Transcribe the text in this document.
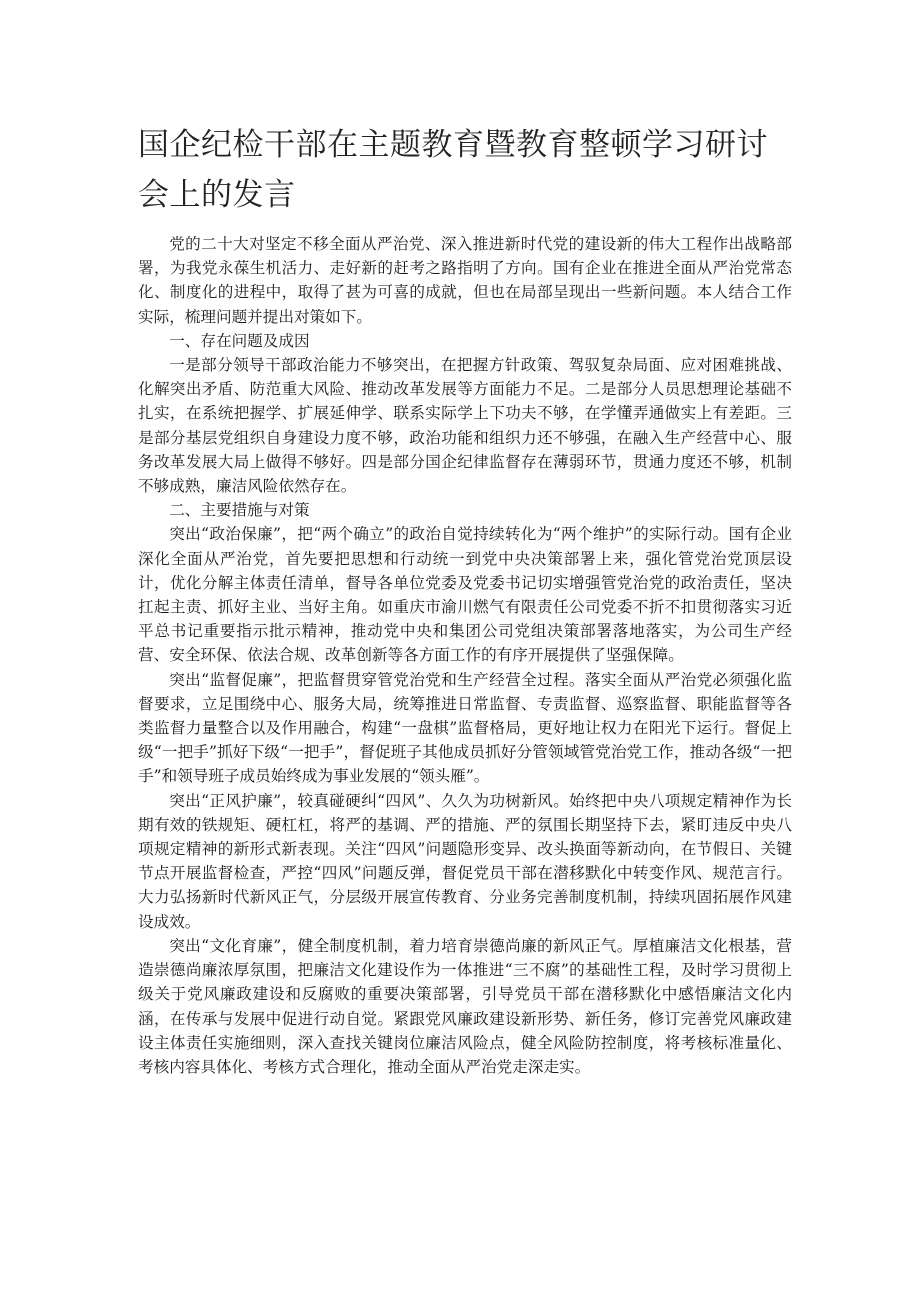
国企纪检干部在主题教育暨教育整顿学习研讨会上的发言

党的二十大对坚定不移全面从严治党、深入推进新时代党的建设新的伟大工程作出战略部署，为我党永葆生机活力、走好新的赶考之路指明了方向。国有企业在推进全面从严治党常态化、制度化的进程中，取得了甚为可喜的成就，但也在局部呈现出一些新问题。本人结合工作实际，梳理问题并提出对策如下。

一、存在问题及成因

一是部分领导干部政治能力不够突出，在把握方针政策、驾驭复杂局面、应对困难挑战、化解突出矛盾、防范重大风险、推动改革发展等方面能力不足。二是部分人员思想理论基础不扎实，在系统把握学、扩展延伸学、联系实际学上下功夫不够，在学懂弄通做实上有差距。三是部分基层党组织自身建设力度不够，政治功能和组织力还不够强，在融入生产经营中心、服务改革发展大局上做得不够好。四是部分国企纪律监督存在薄弱环节，贯通力度还不够，机制不够成熟，廉洁风险依然存在。

二、主要措施与对策

突出“政治保廉”，把“两个确立”的政治自觉持续转化为“两个维护”的实际行动。国有企业深化全面从严治党，首先要把思想和行动统一到党中央决策部署上来，强化管党治党顶层设计，优化分解主体责任清单，督导各单位党委及党委书记切实增强管党治党的政治责任，坚决扛起主责、抓好主业、当好主角。如重庆市渝川燃气有限责任公司党委不折不扣贯彻落实习近平总书记重要指示批示精神，推动党中央和集团公司党组决策部署落地落实，为公司生产经营、安全环保、依法合规、改革创新等各方面工作的有序开展提供了坚强保障。

突出“监督促廉”，把监督贯穿管党治党和生产经营全过程。落实全面从严治党必须强化监督要求，立足围绕中心、服务大局，统筹推进日常监督、专责监督、巡察监督、职能监督等各类监督力量整合以及作用融合，构建“一盘棋”监督格局，更好地让权力在阳光下运行。督促上级“一把手”抓好下级“一把手”，督促班子其他成员抓好分管领域管党治党工作，推动各级“一把手”和领导班子成员始终成为事业发展的“领头雁”。

突出“正风护廉”，较真碰硬纠“四风”、久久为功树新风。始终把中央八项规定精神作为长期有效的铁规矩、硬杠杠，将严的基调、严的措施、严的氛围长期坚持下去，紧盯违反中央八项规定精神的新形式新表现。关注“四风”问题隐形变异、改头换面等新动向，在节假日、关键节点开展监督检查，严控“四风”问题反弹，督促党员干部在潜移默化中转变作风、规范言行。大力弘扬新时代新风正气，分层级开展宣传教育、分业务完善制度机制，持续巩固拓展作风建设成效。

突出“文化育廉”，健全制度机制，着力培育崇德尚廉的新风正气。厚植廉洁文化根基，营造崇德尚廉浓厚氛围，把廉洁文化建设作为一体推进“三不腐”的基础性工程，及时学习贯彻上级关于党风廉政建设和反腐败的重要决策部署，引导党员干部在潜移默化中感悟廉洁文化内涵，在传承与发展中促进行动自觉。紧跟党风廉政建设新形势、新任务，修订完善党风廉政建设主体责任实施细则，深入查找关键岗位廉洁风险点，健全风险防控制度，将考核标准量化、考核内容具体化、考核方式合理化，推动全面从严治党走深走实。
